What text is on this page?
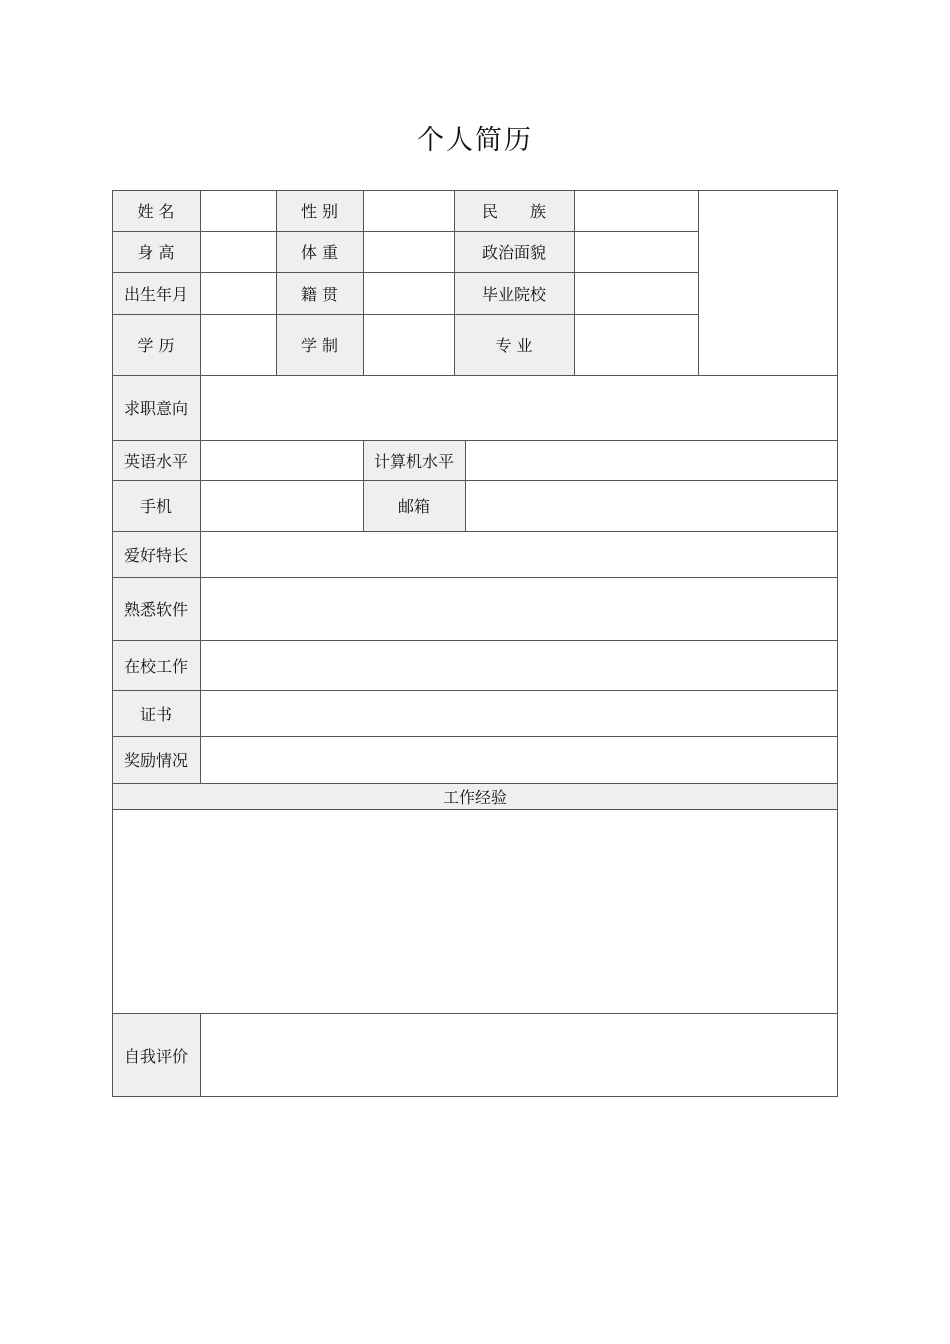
个人简历
姓 名	性 别	民　　族
身 高	体 重	政治面貌
出生年月	籍 贯	毕业院校
学 历	学 制	专 业
求职意向
英语水平	计算机水平
手机	邮箱
爱好特长
熟悉软件
在校工作
证书
奖励情况
工作经验
自我评价
